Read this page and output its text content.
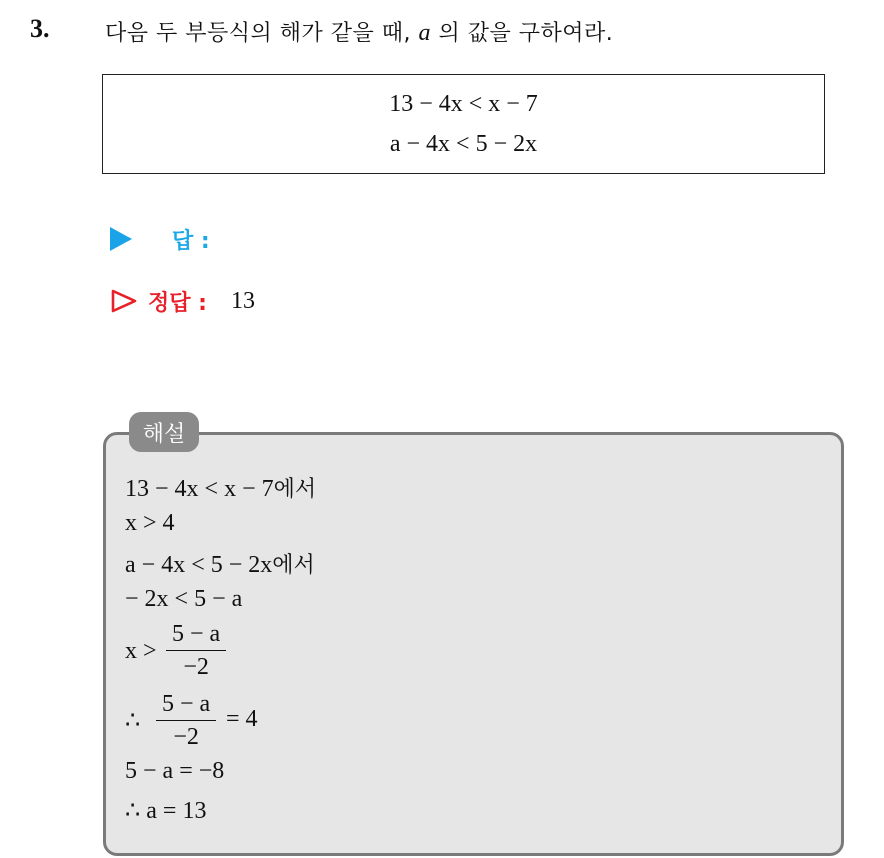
3.	다음 두 부등식의 해가 같을 때, a 의 값을 구하여라.
13 − 4x < x − 7
a − 4x < 5 − 2x
답 :
정답 : 13
해설
13 − 4x < x − 7에서
x > 4
a − 4x < 5 − 2x에서
− 2x < 5 − a
$x > \frac{5 - a}{-2}$
∴ $\frac{5 - a}{-2} = 4$
5 − a = −8
∴ a = 13
